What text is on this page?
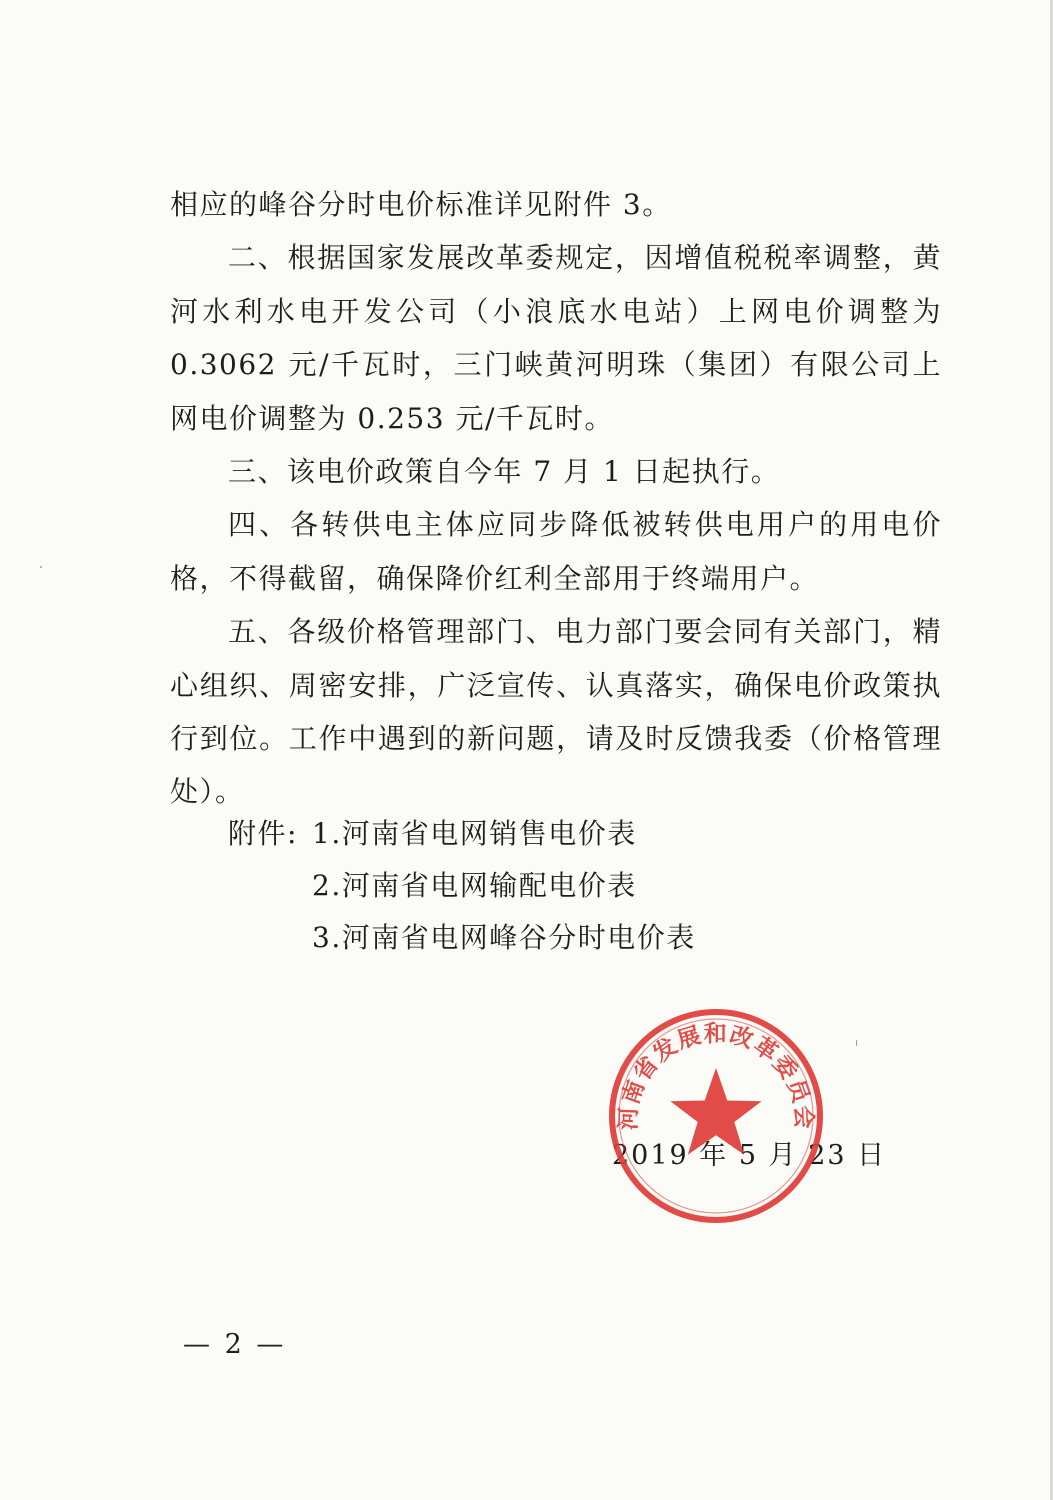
相应的峰谷分时电价标准详见附件 3。

二、根据国家发展改革委规定，因增值税税率调整，黄河水利水电开发公司（小浪底水电站）上网电价调整为 0.3062 元/千瓦时，三门峡黄河明珠（集团）有限公司上网电价调整为 0.253 元/千瓦时。

三、该电价政策自今年 7 月 1 日起执行。

四、各转供电主体应同步降低被转供电用户的用电价格，不得截留，确保降价红利全部用于终端用户。

五、各级价格管理部门、电力部门要会同有关部门，精心组织、周密安排，广泛宣传、认真落实，确保电价政策执行到位。工作中遇到的新问题，请及时反馈我委（价格管理处）。

附件: 1.河南省电网销售电价表
2.河南省电网输配电价表
3.河南省电网峰谷分时电价表
2019 年 5 月 23 日
河南省发展和改革委员会
— 2 —
